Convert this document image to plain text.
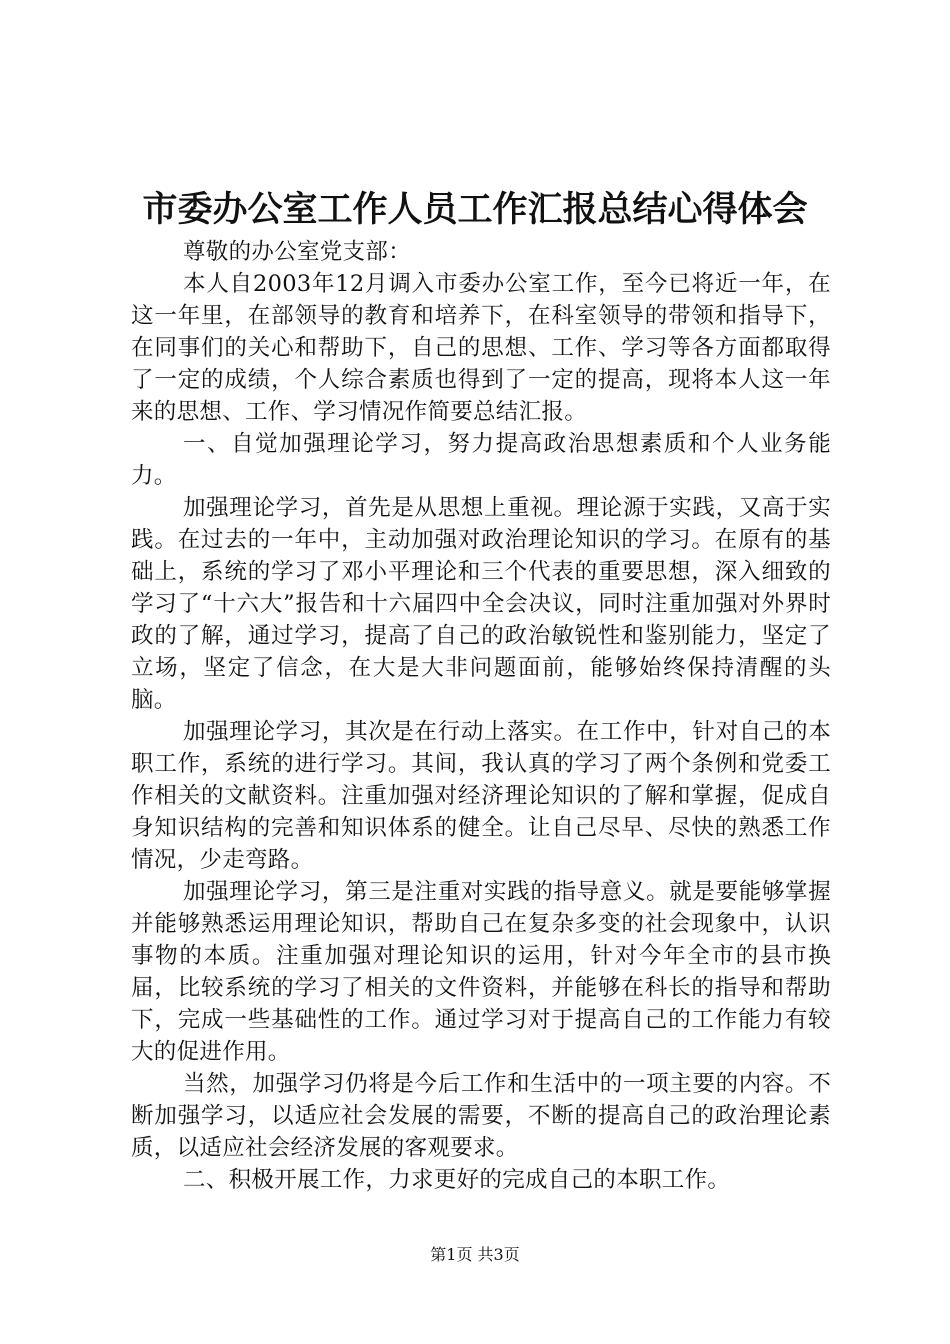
市委办公室工作人员工作汇报总结心得体会

尊敬的办公室党支部：

本人自2003年12月调入市委办公室工作，至今已将近一年，在这一年里，在部领导的教育和培养下，在科室领导的带领和指导下，在同事们的关心和帮助下，自己的思想、工作、学习等各方面都取得了一定的成绩，个人综合素质也得到了一定的提高，现将本人这一年来的思想、工作、学习情况作简要总结汇报。

一、自觉加强理论学习，努力提高政治思想素质和个人业务能力。

加强理论学习，首先是从思想上重视。理论源于实践，又高于实践。在过去的一年中，主动加强对政治理论知识的学习。在原有的基础上，系统的学习了邓小平理论和三个代表的重要思想，深入细致的学习了“十六大”报告和十六届四中全会决议，同时注重加强对外界时政的了解，通过学习，提高了自己的政治敏锐性和鉴别能力，坚定了立场，坚定了信念，在大是大非问题面前，能够始终保持清醒的头脑。

加强理论学习，其次是在行动上落实。在工作中，针对自己的本职工作，系统的进行学习。其间，我认真的学习了两个条例和党委工作相关的文献资料。注重加强对经济理论知识的了解和掌握，促成自身知识结构的完善和知识体系的健全。让自己尽早、尽快的熟悉工作情况，少走弯路。

加强理论学习，第三是注重对实践的指导意义。就是要能够掌握并能够熟悉运用理论知识，帮助自己在复杂多变的社会现象中，认识事物的本质。注重加强对理论知识的运用，针对今年全市的县市换届，比较系统的学习了相关的文件资料，并能够在科长的指导和帮助下，完成一些基础性的工作。通过学习对于提高自己的工作能力有较大的促进作用。

当然，加强学习仍将是今后工作和生活中的一项主要的内容。不断加强学习，以适应社会发展的需要，不断的提高自己的政治理论素质，以适应社会经济发展的客观要求。

二、积极开展工作，力求更好的完成自己的本职工作。

第1页 共3页
